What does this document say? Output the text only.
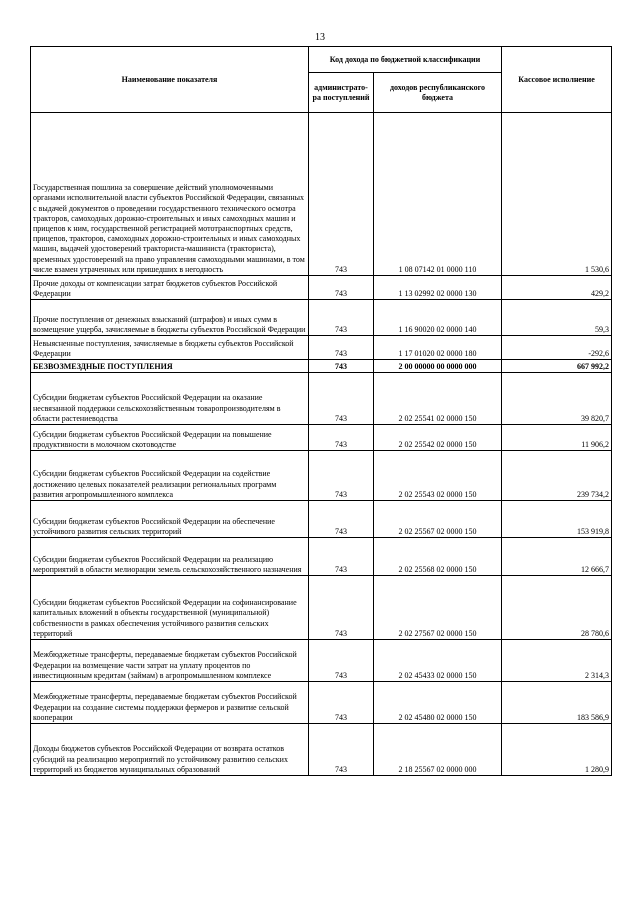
13
Наименование показателя	Код дохода по бюджетной классификации		Кассовое исполнение
	администрато-ра поступлений	доходов республиканского бюджета	
Государственная пошлина за совершение действий уполномоченными органами исполнительной власти субъектов Российской Федерации, связанных с выдачей документов о проведении государственного технического осмотра тракторов, самоходных дорожно-строительных и иных самоходных машин и прицепов к ним, государственной регистрацией мототранспортных средств, прицепов, тракторов, самоходных дорожно-строительных и иных самоходных машин, выдачей удостоверений тракториста-машиниста (тракториста), временных удостоверений на право управления самоходными машинами, в том числе взамен утраченных или пришедших в негодность	743	1 08 07142 01 0000 110	1 530,6
Прочие доходы от компенсации затрат бюджетов субъектов Российской Федерации	743	1 13 02992 02 0000 130	429,2
Прочие поступления от денежных взысканий (штрафов) и иных сумм в возмещение ущерба, зачисляемые в бюджеты субъектов Российской Федерации	743	1 16 90020 02 0000 140	59,3
Невыясненные поступления, зачисляемые в бюджеты субъектов Российской Федерации	743	1 17 01020 02 0000 180	-292,6
БЕЗВОЗМЕЗДНЫЕ ПОСТУПЛЕНИЯ	743	2 00 00000 00 0000 000	667 992,2
Субсидии бюджетам субъектов Российской Федерации на оказание несвязанной поддержки сельскохозяйственным товаропроизводителям в области растениеводства	743	2 02 25541 02 0000 150	39 820,7
Субсидии бюджетам субъектов Российской Федерации на повышение продуктивности в молочном скотоводстве	743	2 02 25542 02 0000 150	11 906,2
Субсидии бюджетам субъектов Российской Федерации на содействие достижению целевых показателей реализации региональных программ развития агропромышленного комплекса	743	2 02 25543 02 0000 150	239 734,2
Субсидии бюджетам субъектов Российской Федерации на обеспечение устойчивого развития сельских территорий	743	2 02 25567 02 0000 150	153 919,8
Субсидии бюджетам субъектов Российской Федерации на реализацию мероприятий в области мелиорации земель сельскохозяйственного назначения	743	2 02 25568 02 0000 150	12 666,7
Субсидии бюджетам субъектов Российской Федерации на софинансирование капитальных вложений в объекты государственной (муниципальной) собственности в рамках обеспечения устойчивого развития сельских территорий	743	2 02 27567 02 0000 150	28 780,6
Межбюджетные трансферты, передаваемые бюджетам субъектов Российской Федерации на возмещение части затрат на уплату процентов по инвестиционным кредитам (займам) в агропромышленном комплексе	743	2 02 45433 02 0000 150	2 314,3
Межбюджетные трансферты, передаваемые бюджетам субъектов Российской Федерации на создание системы поддержки фермеров и развитие сельской кооперации	743	2 02 45480 02 0000 150	183 586,9
Доходы бюджетов субъектов Российской Федерации от возврата остатков субсидий на реализацию мероприятий по устойчивому развитию сельских территорий из бюджетов муниципальных образований	743	2 18 25567 02 0000 000	1 280,9
